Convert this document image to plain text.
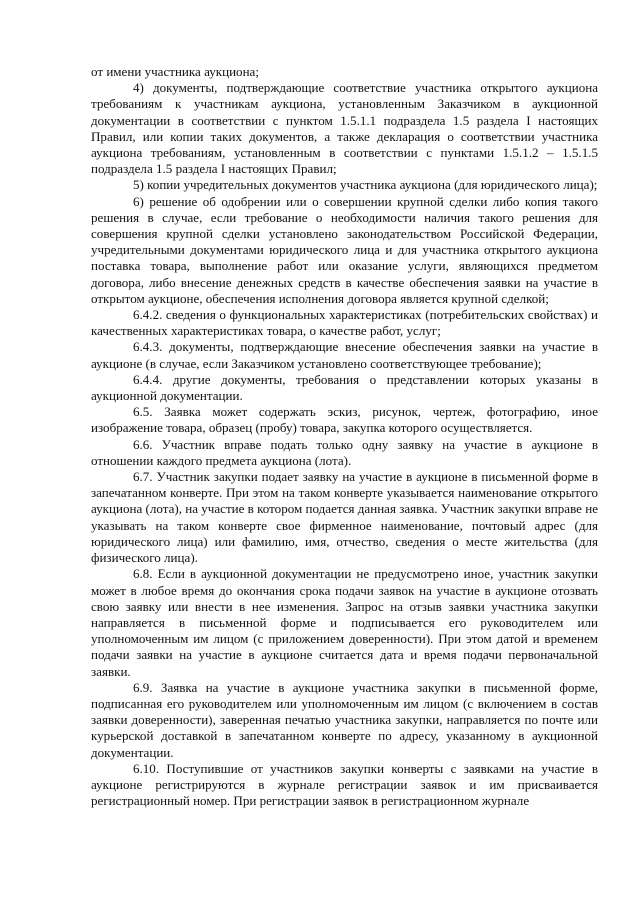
от имени участника аукциона;

4) документы, подтверждающие соответствие участника открытого аукциона требованиям к участникам аукциона, установленным Заказчиком в аукционной документации в соответствии с пунктом 1.5.1.1 подраздела 1.5 раздела I настоящих Правил, или копии таких документов, а также декларация о соответствии участника аукциона требованиям, установленным в соответствии с пунктами 1.5.1.2 – 1.5.1.5 подраздела 1.5 раздела I настоящих Правил;

5) копии учредительных документов участника аукциона (для юридического лица);

6) решение об одобрении или о совершении крупной сделки либо копия такого решения в случае, если требование о необходимости наличия такого решения для совершения крупной сделки установлено законодательством Российской Федерации, учредительными документами юридического лица и для участника открытого аукциона поставка товара, выполнение работ или оказание услуги, являющихся предметом договора, либо внесение денежных средств в качестве обеспечения заявки на участие в открытом аукционе, обеспечения исполнения договора является крупной сделкой;

6.4.2. сведения о функциональных характеристиках (потребительских свойствах) и качественных характеристиках товара, о качестве работ, услуг;

6.4.3. документы, подтверждающие внесение обеспечения заявки на участие в аукционе (в случае, если Заказчиком установлено соответствующее требование);

6.4.4. другие документы, требования о представлении которых указаны в аукционной документации.

6.5. Заявка может содержать эскиз, рисунок, чертеж, фотографию, иное изображение товара, образец (пробу) товара, закупка которого осуществляется.

6.6. Участник вправе подать только одну заявку на участие в аукционе в отношении каждого предмета аукциона (лота).

6.7. Участник закупки подает заявку на участие в аукционе в письменной форме в запечатанном конверте. При этом на таком конверте указывается наименование открытого аукциона (лота), на участие в котором подается данная заявка. Участник закупки вправе не указывать на таком конверте свое фирменное наименование, почтовый адрес (для юридического лица) или фамилию, имя, отчество, сведения о месте жительства (для физического лица).

6.8. Если в аукционной документации не предусмотрено иное, участник закупки может в любое время до окончания срока подачи заявок на участие в аукционе отозвать свою заявку или внести в нее изменения. Запрос на отзыв заявки участника закупки направляется в письменной форме и подписывается его руководителем или уполномоченным им лицом (с приложением доверенности). При этом датой и временем подачи заявки на участие в аукционе считается дата и время подачи первоначальной заявки.

6.9. Заявка на участие в аукционе участника закупки в письменной форме, подписанная его руководителем или уполномоченным им лицом (с включением в состав заявки доверенности), заверенная печатью участника закупки, направляется по почте или курьерской доставкой в запечатанном конверте по адресу, указанному в аукционной документации.

6.10. Поступившие от участников закупки конверты с заявками на участие в аукционе регистрируются в журнале регистрации заявок и им присваивается регистрационный номер. При регистрации заявок в регистрационном журнале
